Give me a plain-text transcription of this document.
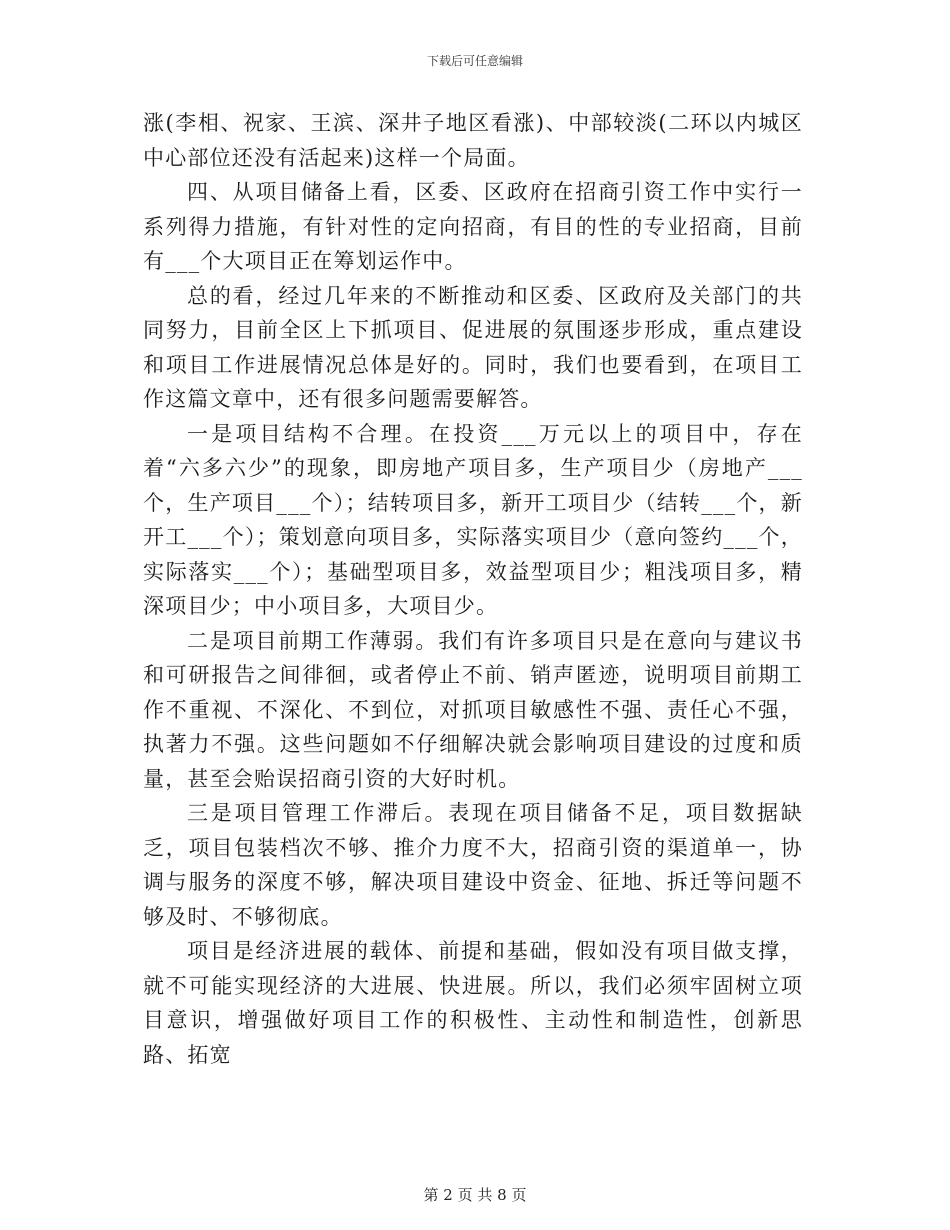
下载后可任意编辑

涨(李相、祝家、王滨、深井子地区看涨)、中部较淡(二环以内城区中心部位还没有活起来)这样一个局面。

四、从项目储备上看，区委、区政府在招商引资工作中实行一系列得力措施，有针对性的定向招商，有目的性的专业招商，目前有___个大项目正在筹划运作中。

总的看，经过几年来的不断推动和区委、区政府及关部门的共同努力，目前全区上下抓项目、促进展的氛围逐步形成，重点建设和项目工作进展情况总体是好的。同时，我们也要看到，在项目工作这篇文章中，还有很多问题需要解答。

一是项目结构不合理。在投资___万元以上的项目中，存在着“六多六少”的现象，即房地产项目多，生产项目少（房地产___个，生产项目___个）；结转项目多，新开工项目少（结转___个，新开工___个）；策划意向项目多，实际落实项目少（意向签约___个，实际落实___个）；基础型项目多，效益型项目少；粗浅项目多，精深项目少；中小项目多，大项目少。

二是项目前期工作薄弱。我们有许多项目只是在意向与建议书和可研报告之间徘徊，或者停止不前、销声匿迹，说明项目前期工作不重视、不深化、不到位，对抓项目敏感性不强、责任心不强，执著力不强。这些问题如不仔细解决就会影响项目建设的过度和质量，甚至会贻误招商引资的大好时机。

三是项目管理工作滞后。表现在项目储备不足，项目数据缺乏，项目包装档次不够、推介力度不大，招商引资的渠道单一，协调与服务的深度不够，解决项目建设中资金、征地、拆迁等问题不够及时、不够彻底。

项目是经济进展的载体、前提和基础，假如没有项目做支撑，就不可能实现经济的大进展、快进展。所以，我们必须牢固树立项目意识，增强做好项目工作的积极性、主动性和制造性，创新思路、拓宽

第 2 页 共 8 页
